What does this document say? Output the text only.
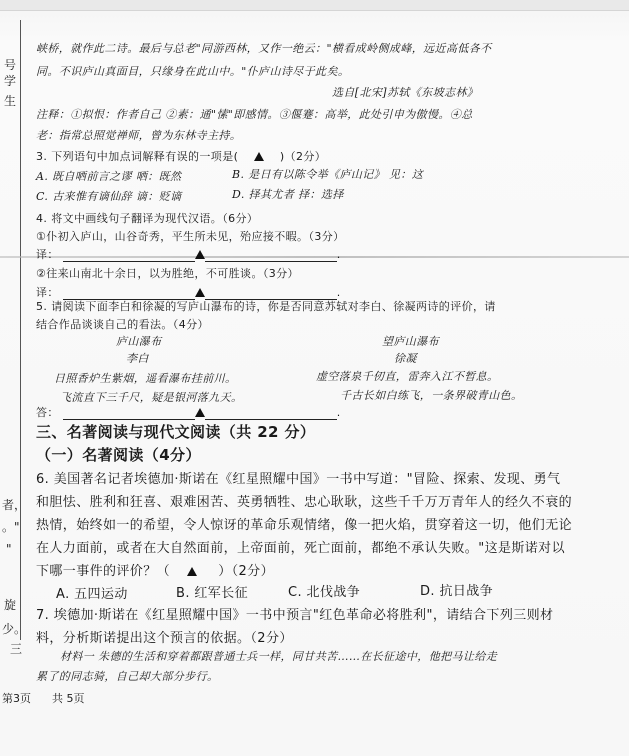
号
学
生
者，
。"
"
旋
少。
三
峡桥，就作此二诗。最后与总老"同游西林，又作一绝云："横看成岭侧成峰，远近高低各不
同。不识庐山真面目，只缘身在此山中。"仆庐山诗尽于此矣。
选自[北宋]苏轼《东坡志林》
注释：①拟恨：作者自己 ②素：通"愫"即感情。③偃蹇：高举，此处引申为傲慢。④总
老：指常总照觉禅师，曾为东林寺主持。
3. 下列语句中加点词解释有误的一项是(	)（2分）
A. 既自哂前言之谬 哂：既然	B. 是日有以陈令举《庐山记》 见：这
C. 古来惟有谪仙辞 谪：贬谪	D. 择其尤者 择：选择
4. 将文中画线句子翻译为现代汉语。（6分）
①仆初入庐山，山谷奇秀，平生所未见，殆应接不暇。（3分）
译：	.
②往来山南北十余日，以为胜绝，不可胜谈。（3分）
译：	.
5. 请阅读下面李白和徐凝的写庐山瀑布的诗，你是否同意苏轼对李白、徐凝两诗的评价，请
结合作品谈谈自己的看法。（4分）
庐山瀑布
李白
日照香炉生紫烟，遥看瀑布挂前川。
飞流直下三千尺，疑是银河落九天。
望庐山瀑布
徐凝
虚空落泉千仞直，雷奔入江不暂息。
千古长如白练飞，一条界破青山色。
答：	.
三、名著阅读与现代文阅读（共 22 分）
（一）名著阅读（4分）
6. 美国著名记者埃德加·斯诺在《红星照耀中国》一书中写道："冒险、探索、发现、勇气
和胆怯、胜利和狂喜、艰难困苦、英勇牺牲、忠心耿耿，这些千千万万青年人的经久不衰的
热情，始终如一的希望，令人惊讶的革命乐观情绪，像一把火焰，贯穿着这一切，他们无论
在人力面前，或者在大自然面前，上帝面前，死亡面前，都绝不承认失败。"这是斯诺对以
下哪一事件的评价？（	）（2分）
A. 五四运动	B. 红军长征	C. 北伐战争	D. 抗日战争
7. 埃德加·斯诺在《红星照耀中国》一书中预言"红色革命必将胜利"，请结合下列三则材
料，分析斯诺提出这个预言的依据。（2分）
材料一 朱德的生活和穿着都跟普通士兵一样，同甘共苦……在长征途中，他把马让给走
累了的同志骑，自己却大部分步行。
第3页 共 5页
